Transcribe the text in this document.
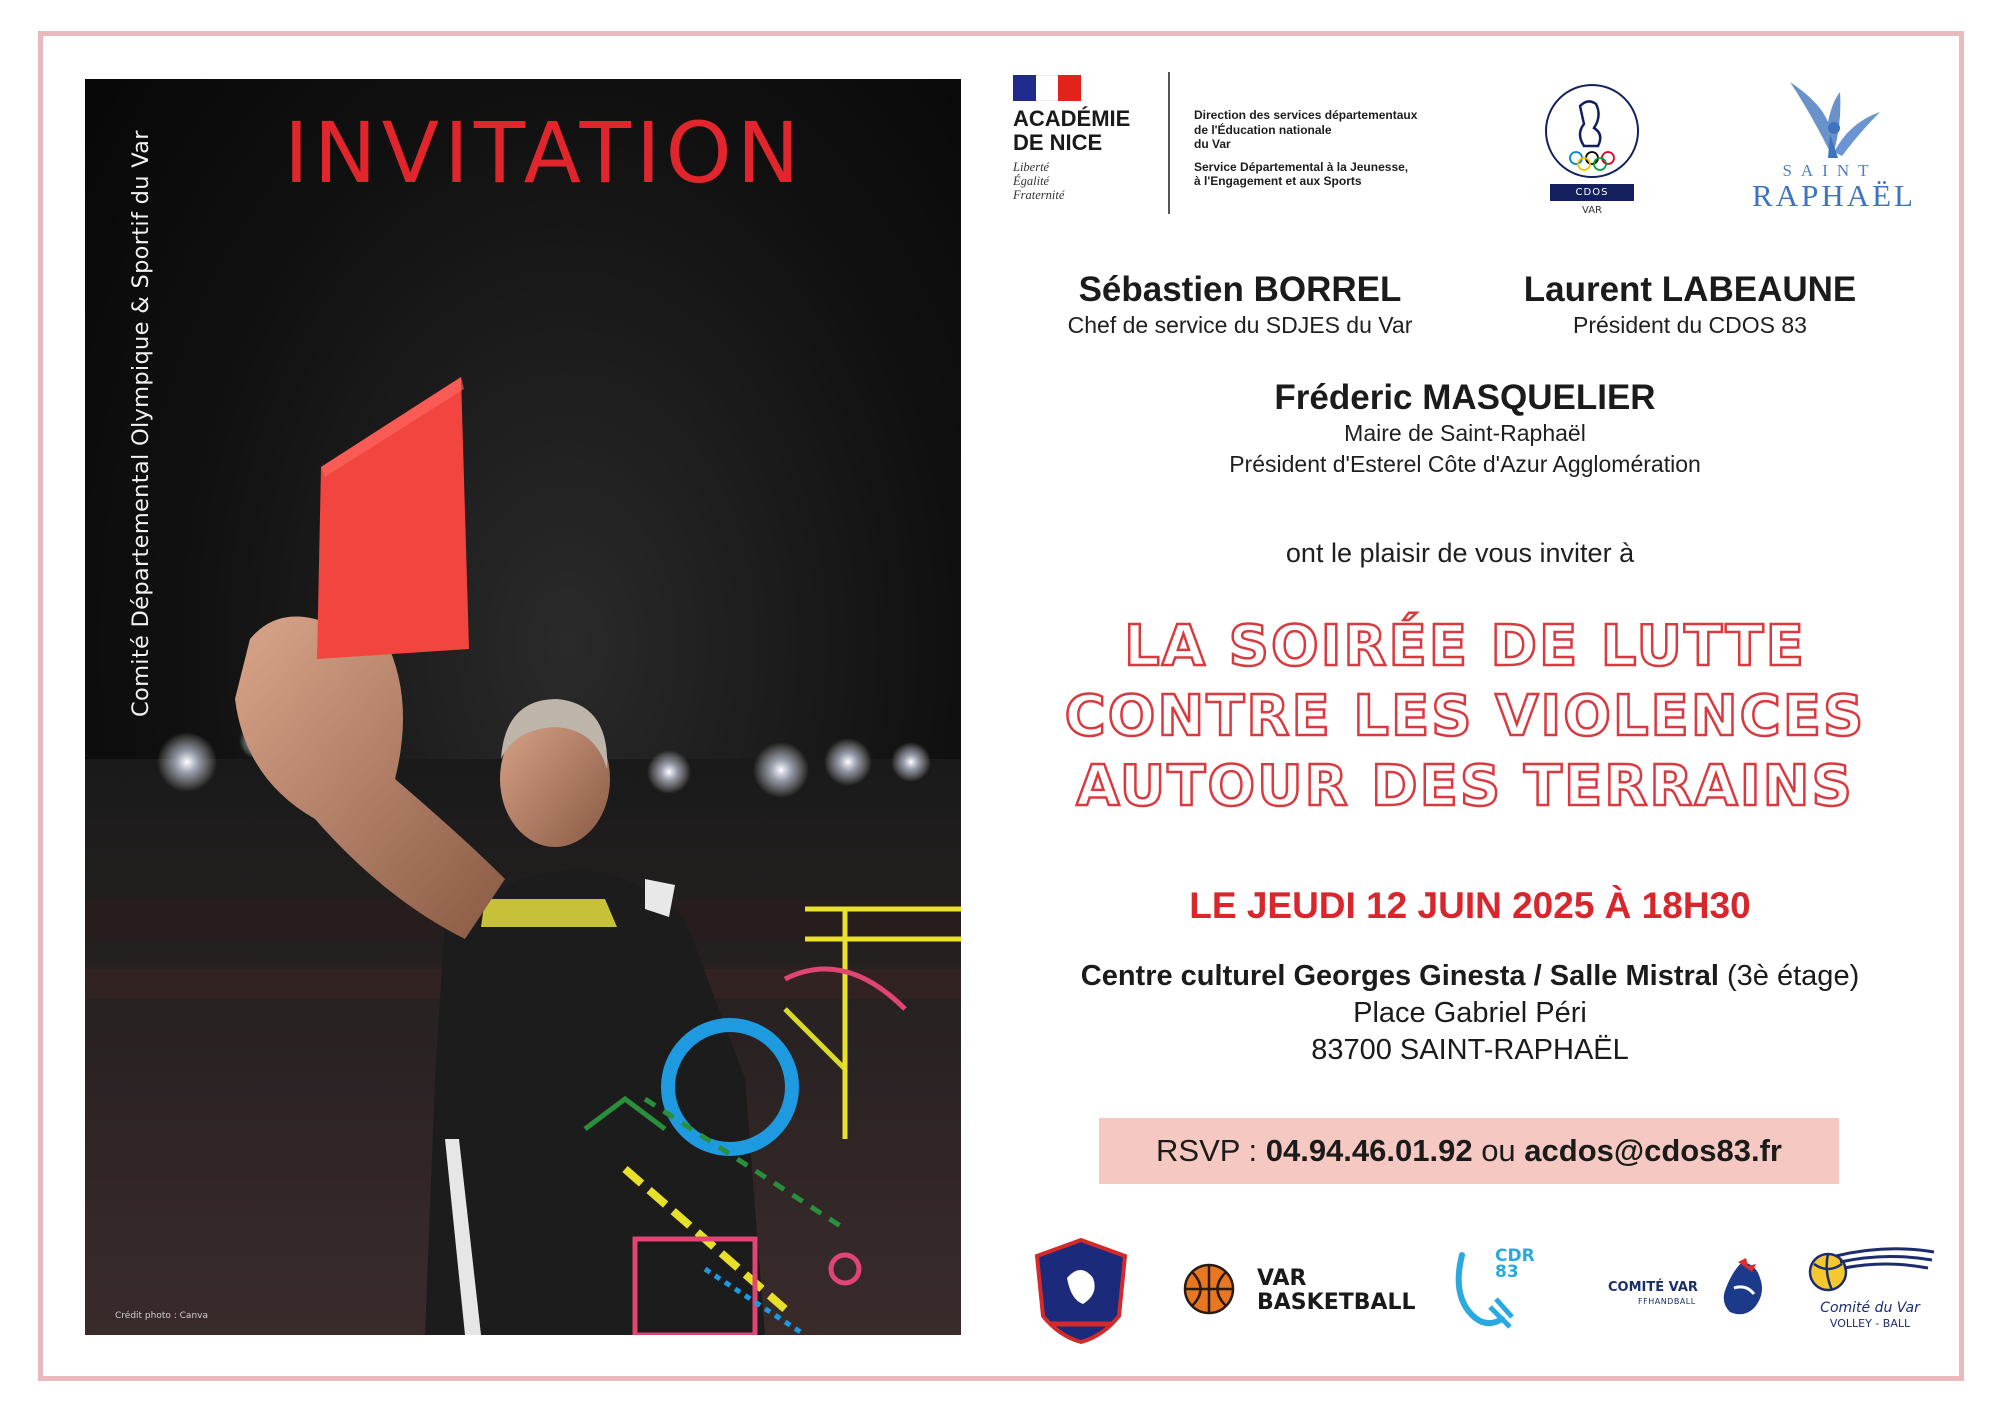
Comité Départemental Olympique & Sportif du Var
Crédit photo : Canva
INVITATION	ACADÉMIE
DE NICE
Liberté
Égalité
Fraternité
Direction des services départementaux
de l'Éducation nationale
du Var
Service Départemental à la Jeunesse,
à l'Engagement et aux Sports
CDOS
VAR
SAINT
RAPHAËL
Sébastien BORREL
Chef de service du SDJES du Var
Laurent LABEAUNE
Président du CDOS 83
Fréderic MASQUELIER
Maire de Saint-Raphaël
Président d'Esterel Côte d'Azur Agglomération
ont le plaisir de vous inviter à
LA SOIRÉE DE LUTTE
CONTRE LES VIOLENCES
AUTOUR DES TERRAINS
LE JEUDI 12 JUIN 2025 À 18H30
Centre culturel Georges Ginesta / Salle Mistral (3è étage)
Place Gabriel Péri
83700 SAINT-RAPHAËL
RSVP : 04.94.46.01.92 ou acdos@cdos83.fr
VAR
BASKETBALL
CDR
83
COMITÉ VAR
FFHANDBALL	Comité du Var
VOLLEY - BALL
